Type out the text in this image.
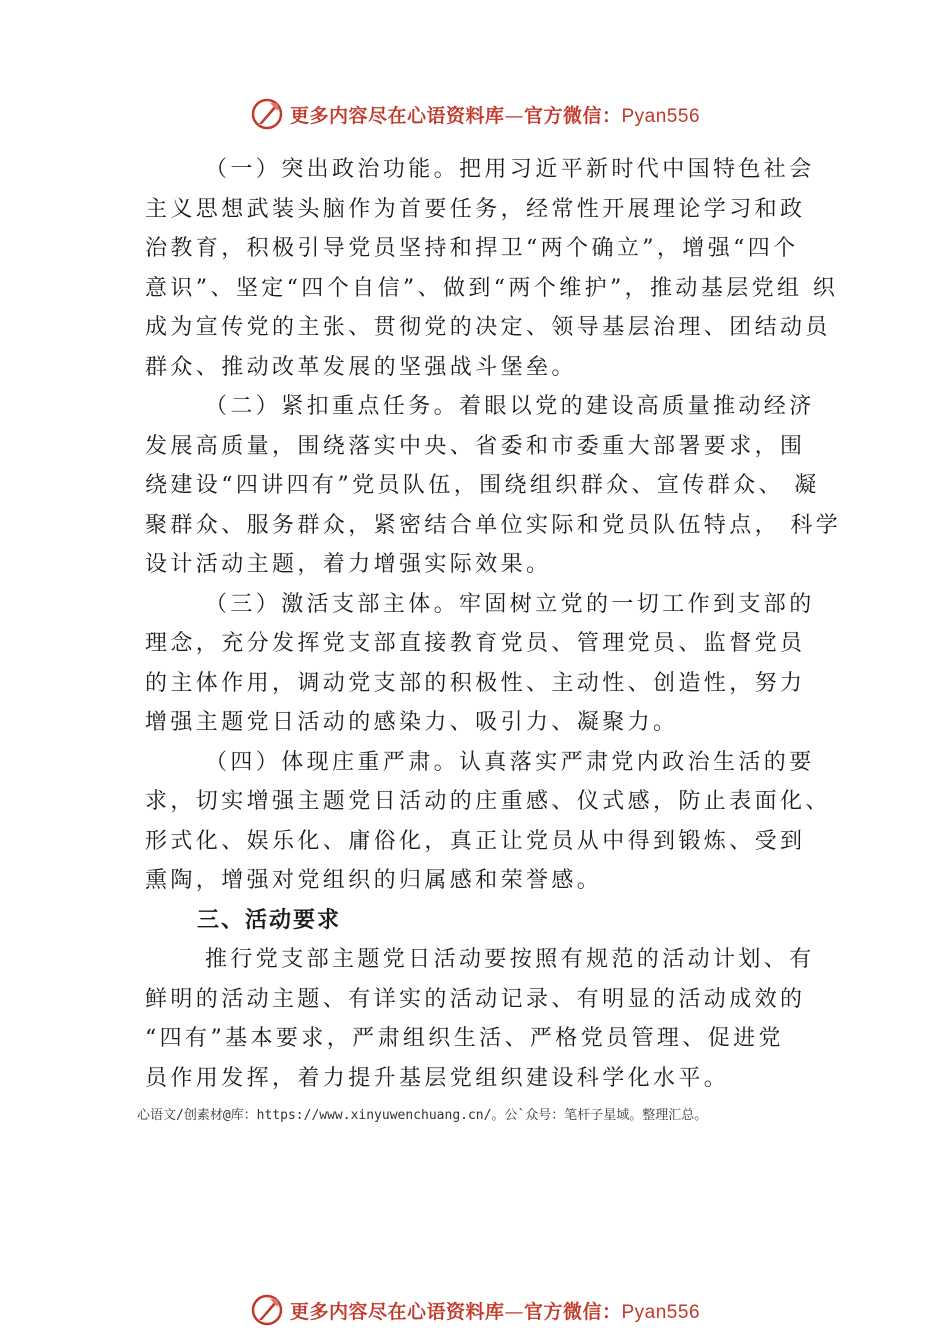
更多内容尽在心语资料库—官方微信：Pyan556
（一）突出政治功能。把用习近平新时代中国特色社会
主义思想武装头脑作为首要任务，经常性开展理论学习和政
治教育，积极引导党员坚持和捍卫“两个确立”，增强“四个
意识”、坚定“四个自信”、做到“两个维护”，推动基层党组 织
成为宣传党的主张、贯彻党的决定、领导基层治理、团结动员
群众、推动改革发展的坚强战斗堡垒。
（二）紧扣重点任务。着眼以党的建设高质量推动经济
发展高质量，围绕落实中央、省委和市委重大部署要求，围
绕建设“四讲四有”党员队伍，围绕组织群众、宣传群众、 凝
聚群众、服务群众，紧密结合单位实际和党员队伍特点， 科学
设计活动主题，着力增强实际效果。
（三）激活支部主体。牢固树立党的一切工作到支部的
理念，充分发挥党支部直接教育党员、管理党员、监督党员
的主体作用，调动党支部的积极性、主动性、创造性，努力
增强主题党日活动的感染力、吸引力、凝聚力。
（四）体现庄重严肃。认真落实严肃党内政治生活的要
求，切实增强主题党日活动的庄重感、仪式感，防止表面化、
形式化、娱乐化、庸俗化，真正让党员从中得到锻炼、受到
熏陶，增强对党组织的归属感和荣誉感。
三、活动要求
推行党支部主题党日活动要按照有规范的活动计划、有
鲜明的活动主题、有详实的活动记录、有明显的活动成效的
“四有”基本要求，严肃组织生活、严格党员管理、促进党
员作用发挥，着力提升基层党组织建设科学化水平。
心语文/创素材@库：https://www.xinyuwenchuang.cn/。公`众号：笔杆子星域。整理汇总。
更多内容尽在心语资料库—官方微信：Pyan556
